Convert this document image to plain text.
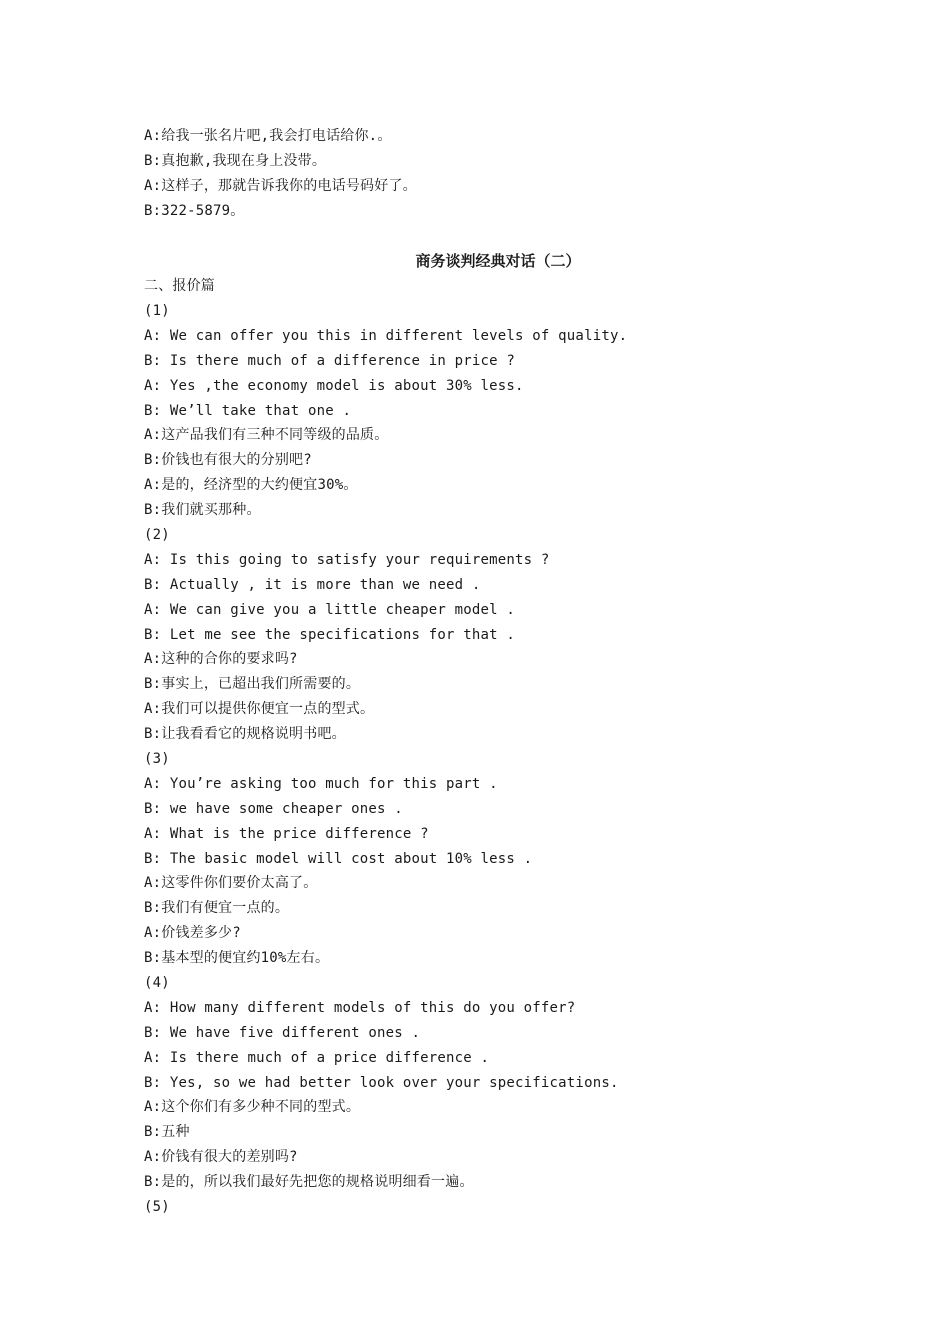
A:给我一张名片吧,我会打电话给你.。
B:真抱歉,我现在身上没带。
A:这样子，那就告诉我你的电话号码好了。
B:322-5879。
商务谈判经典对话（二）
二、报价篇
(1)
A: We can offer you this in different levels of quality.
B: Is there much of a difference in price ?
A: Yes ,the economy model is about 30% less.
B: We’ll take that one .
A:这产品我们有三种不同等级的品质。
B:价钱也有很大的分别吧?
A:是的，经济型的大约便宜30%。
B:我们就买那种。
(2)
A: Is this going to satisfy your requirements ?
B: Actually , it is more than we need .
A: We can give you a little cheaper model .
B: Let me see the specifications for that .
A:这种的合你的要求吗?
B:事实上，已超出我们所需要的。
A:我们可以提供你便宜一点的型式。
B:让我看看它的规格说明书吧。
(3)
A: You’re asking too much for this part .
B: we have some cheaper ones .
A: What is the price difference ?
B: The basic model will cost about 10% less .
A:这零件你们要价太高了。
B:我们有便宜一点的。
A:价钱差多少?
B:基本型的便宜约10%左右。
(4)
A: How many different models of this do you offer?
B: We have five different ones .
A: Is there much of a price difference .
B: Yes, so we had better look over your specifications.
A:这个你们有多少种不同的型式。
B:五种
A:价钱有很大的差别吗?
B:是的，所以我们最好先把您的规格说明细看一遍。
(5)
